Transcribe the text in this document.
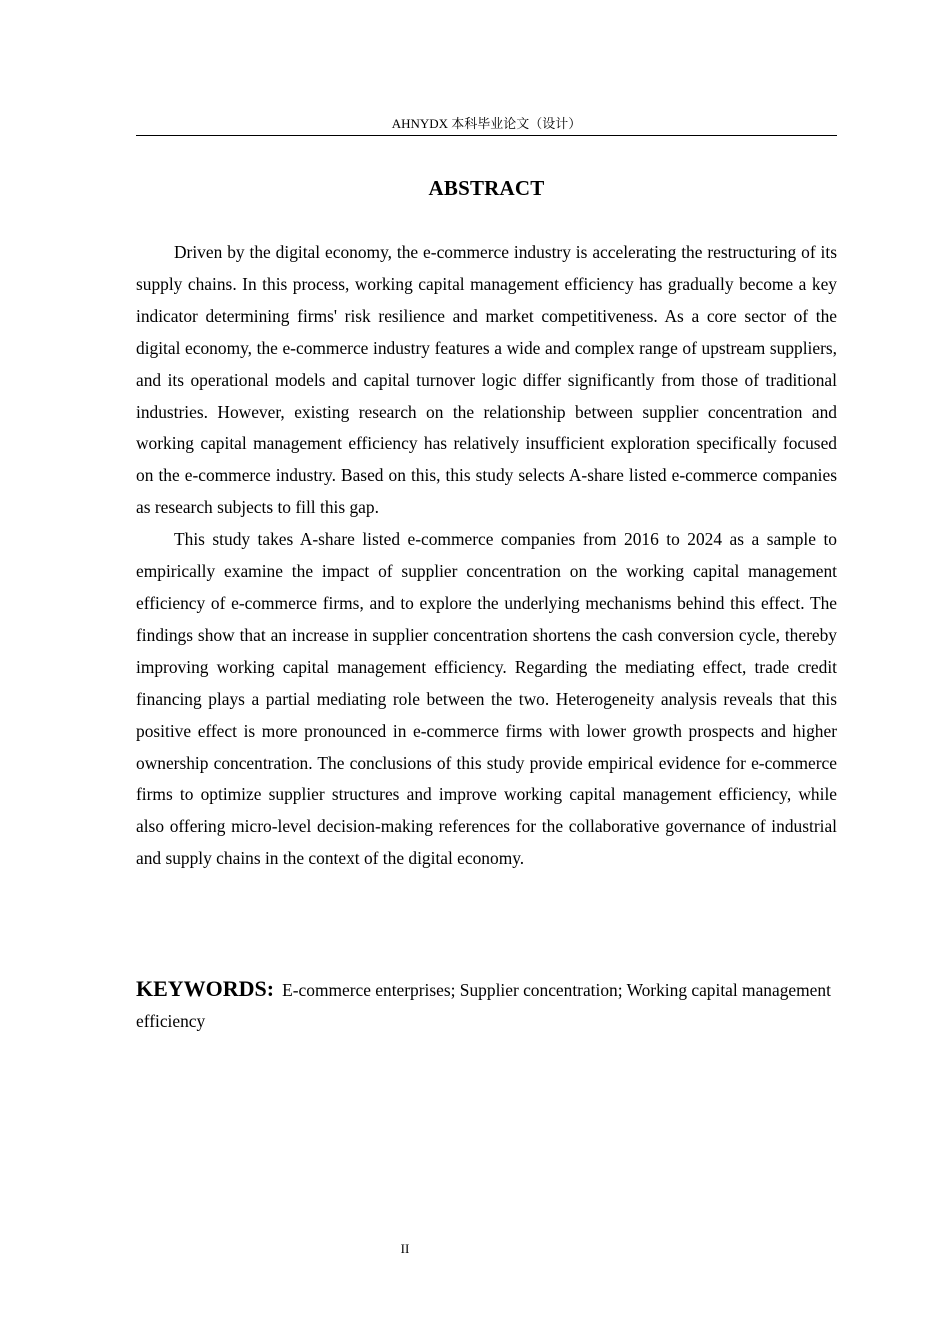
AHNYDX 本科毕业论文（设计）
ABSTRACT

Driven by the digital economy, the e-commerce industry is accelerating the restructuring of its supply chains. In this process, working capital management efficiency has gradually become a key indicator determining firms' risk resilience and market competitiveness. As a core sector of the digital economy, the e-commerce industry features a wide and complex range of upstream suppliers, and its operational models and capital turnover logic differ significantly from those of traditional industries. However, existing research on the relationship between supplier concentration and working capital management efficiency has relatively insufficient exploration specifically focused on the e-commerce industry. Based on this, this study selects A-share listed e-commerce companies as research subjects to fill this gap.

This study takes A-share listed e-commerce companies from 2016 to 2024 as a sample to empirically examine the impact of supplier concentration on the working capital management efficiency of e-commerce firms, and to explore the underlying mechanisms behind this effect. The findings show that an increase in supplier concentration shortens the cash conversion cycle, thereby improving working capital management efficiency. Regarding the mediating effect, trade credit financing plays a partial mediating role between the two. Heterogeneity analysis reveals that this positive effect is more pronounced in e-commerce firms with lower growth prospects and higher ownership concentration. The conclusions of this study provide empirical evidence for e-commerce firms to optimize supplier structures and improve working capital management efficiency, while also offering micro-level decision-making references for the collaborative governance of industrial and supply chains in the context of the digital economy.

KEYWORDS: E-commerce enterprises; Supplier concentration; Working capital management efficiency
II
